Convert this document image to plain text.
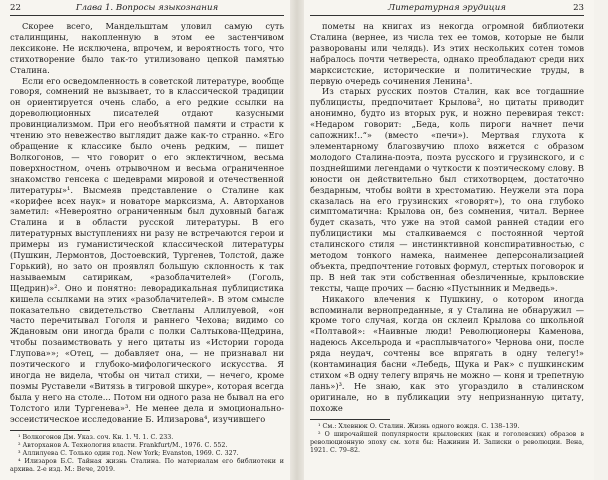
22	Глава 1. Вопросы языкознания

Скорее всего, Мандельштам уловил самую суть сталинщины, накопленную в этом ее застенчивом лексиконе. Не исключена, впрочем, и вероятность того, что стихотворение было так-то утилизовано цепкой памятью Сталина.

Если его осведомленность в советской литературе, вообще говоря, сомнений не вызывает, то в классической традиции он ориентируется очень слабо, а его редкие ссылки на дореволюционных писателей отдают казусными провинциализмом. При его необъятной памяти и страсти к чтению это невежество выглядит даже как-то странно. «Его обращение к классике было очень редким, — пишет Волкогонов, — что говорит о его эклектичном, весьма поверхностном, очень отрывочном и весьма ограниченное знакомство генсека с шедеврами мировой и отечественной литературы»¹. Высмеяв представление о Сталине как «корифее всех наук» и новаторе марксизма, А. Авторханов заметил: «Невероятно ограниченным был духовный багаж Сталина и в области русской литературы. В его литературных выступлениях ни разу не встречаются герои и примеры из гуманистической классической литературы (Пушкин, Лермонтов, Достоевский, Тургенев, Толстой, даже Горький), но зато он проявлял большую склонность к так называемым сатирикам, «разоблачителей» (Гоголь, Щедрин)»². Оно и понятно: леворадикальная публицистика кишела ссылками на этих «разоблачителей». В этом смысле показательно свидетельство Светланы Аллилуевой, «он часто перечитывал Гоголя и раннего Чехова; видимо со Ждановым они иногда брали с полки Салтыкова-Щедрина, чтобы позаимствовать у него цитаты из «Истории города Глупова»»; «Отец, — добавляет она, — не признавал ни поэтического и глубоко-мифологического искусства. Я иногда не видела, чтобы он читал стихи, — нечего, кроме поэмы Руставели «Витязь в тигровой шкуре», которая всегда была у него на столе... Потом ни одного раза не бывал на его Толстого или Тургенева»³. Не менее дела и эмоционально-эссеистическое исследование Б. Илизарова⁴, изучившего

¹ Волкогонов Дм. Указ. соч. Кн. 1. Ч. 1. С. 233.

² Авторханов А. Технология власти. Frankfurt/M., 1976. С. 552.

³ Аллилуева С. Только один год. New York; Evanston, 1969. С. 327.

⁴ Илизаров Б.С. Тайная жизнь Сталина. По материалам его библиотеки и архива. 2-е изд. М.: Вече, 2019.

Литературная эрудиция	23

пометы на книгах из некогда огромной библиотеки Сталина (вернее, из числа тех ее томов, которые не были разворованы или челядь). Из этих нескольких сотен томов набралось почти четвереста, однако преобладают среди них марксистские, исторические и политические труды, в первую очередь сочинения Ленина¹.

Из старых русских поэтов Сталин, как все тогдашние публицисты, предпочитает Крылова², но цитаты приводит анонимно, будто из вторых рук, и ножно перевирая текст: «Недаром говорит: „Беда, коль пироги начнет печи сапожник!..“» (вместо «печи»). Мертвая глухота к элементарному благозвучию плохо вяжется с образом молодого Сталина-поэта, поэта русского и грузинского, и с позднейшими легендами о чуткости к поэтическому слову. В юности он действительно был стихотворцем, достаточно бездарным, чтобы войти в хрестоматию. Неужели эта пора сказалась на его грузинских «говорят»), то она глубоко симптоматична: Крылова он, без сомнения, читал. Вернее будет сказать, что уже на этой самой ранней стадии его публицистики мы сталкиваемся с постоянной чертой сталинского стиля — инстинктивной конспиративностью, с методом тонкого намека, наименее деперсонализацией объекта, предпочтение готовых формул, стертых поговорок и пр. В ней так эти собственная обезличенные, крыловские тексты, чаще прочих — басню «Пустынник и Медведь».

Никакого влечения к Пушкину, о котором иногда вспоминали вернопреданные, я у Сталина не обнаружил — кроме того случая, когда он склеил Крылова со школьной «Полтавой»: «Наивные люди! Революционеры Каменова, надеюсь Аксельрода и «расплывчатого» Чернова они, после ряда неудач, сочтены все впрягать в одну телегу!» (контаминация басни «Лебедь, Щука и Рак» с пушкинским стихом «В одну телегу впрячь не можно — коня и трепетную лань»)³. Не знаю, как это угораздило в сталинском оригинале, но в публикации эту непризнанную цитату, похоже

¹ См.: Хлевнюк О. Сталин. Жизнь одного вождя. С. 138–139.

² О широчайшей популярности крыловских (как и гоголевских) образов в революционную эпоху см. хотя бы: Нажинин И. Записки о революции. Вена, 1921. С. 79–82.
